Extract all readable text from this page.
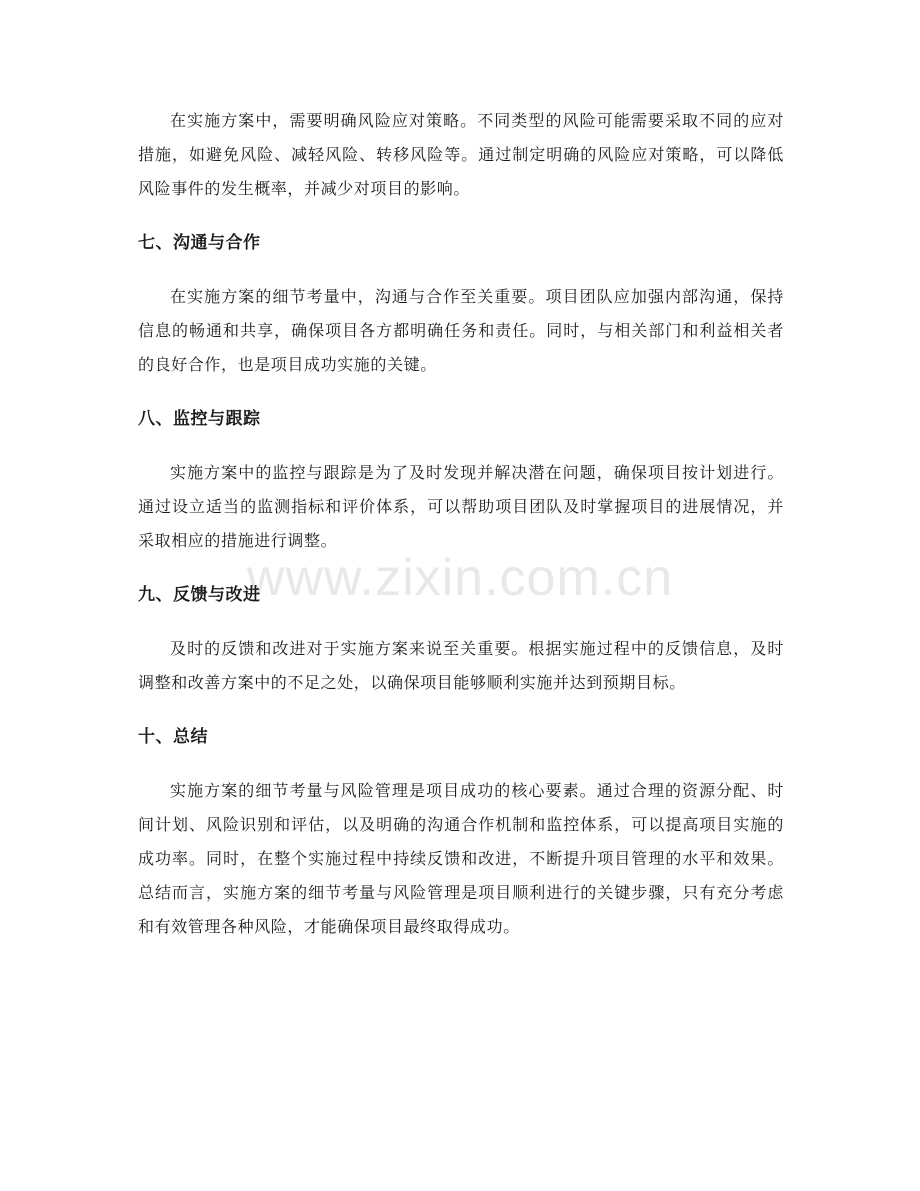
在实施方案中，需要明确风险应对策略。不同类型的风险可能需要采取不同的应对措施，如避免风险、减轻风险、转移风险等。通过制定明确的风险应对策略，可以降低风险事件的发生概率，并减少对项目的影响。

七、沟通与合作

在实施方案的细节考量中，沟通与合作至关重要。项目团队应加强内部沟通，保持信息的畅通和共享，确保项目各方都明确任务和责任。同时，与相关部门和利益相关者的良好合作，也是项目成功实施的关键。

八、监控与跟踪

实施方案中的监控与跟踪是为了及时发现并解决潜在问题，确保项目按计划进行。通过设立适当的监测指标和评价体系，可以帮助项目团队及时掌握项目的进展情况，并采取相应的措施进行调整。

九、反馈与改进

及时的反馈和改进对于实施方案来说至关重要。根据实施过程中的反馈信息，及时调整和改善方案中的不足之处，以确保项目能够顺利实施并达到预期目标。

十、总结

实施方案的细节考量与风险管理是项目成功的核心要素。通过合理的资源分配、时间计划、风险识别和评估，以及明确的沟通合作机制和监控体系，可以提高项目实施的成功率。同时，在整个实施过程中持续反馈和改进，不断提升项目管理的水平和效果。总结而言，实施方案的细节考量与风险管理是项目顺利进行的关键步骤，只有充分考虑和有效管理各种风险，才能确保项目最终取得成功。

www.zixin.com.cn
